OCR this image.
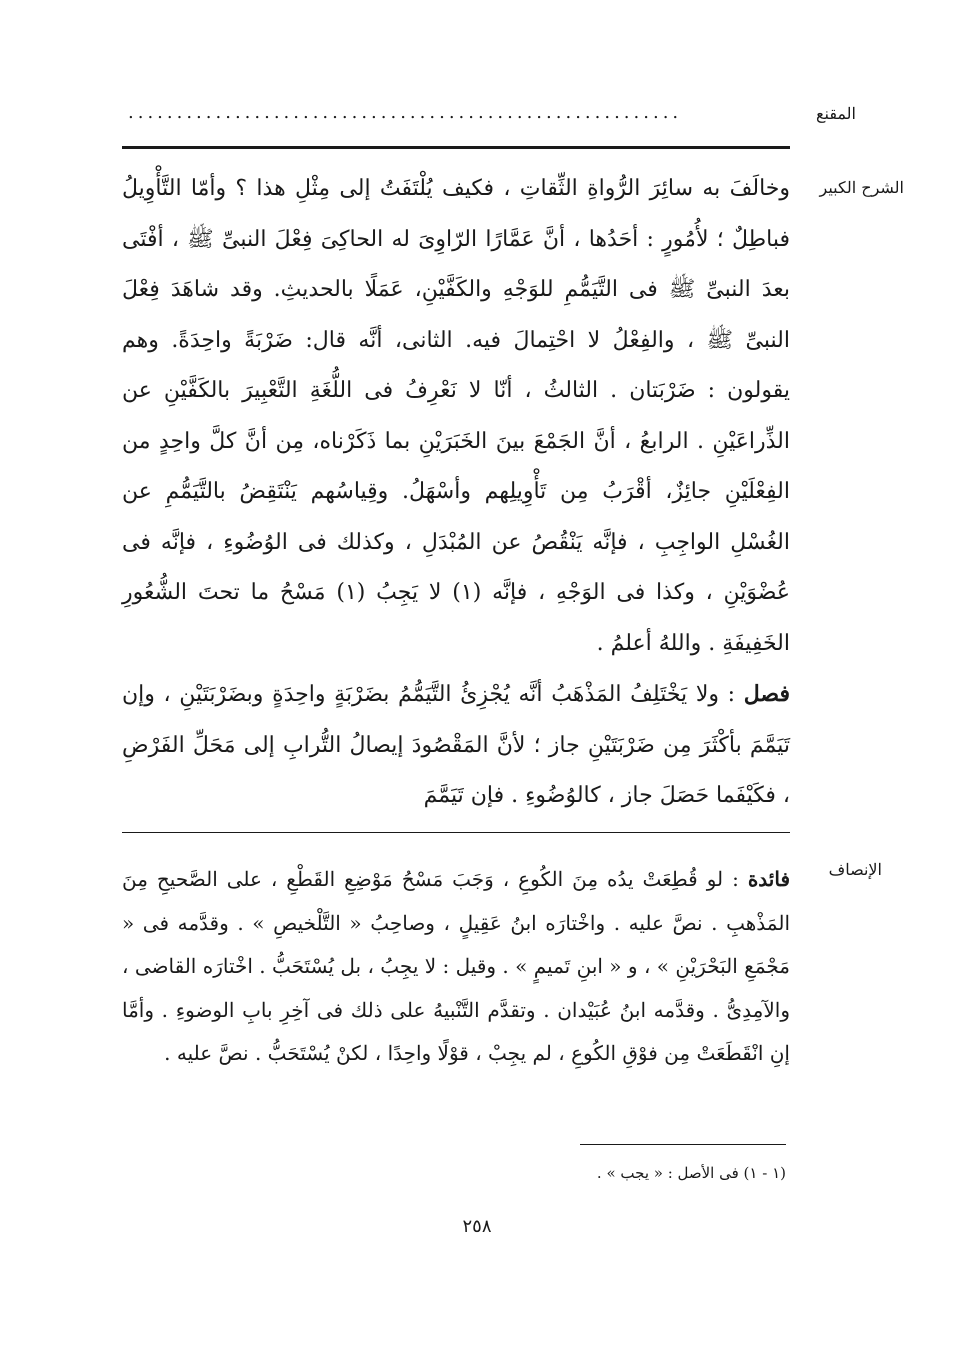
المقنع
.........................................................
الشرح الكبير

وخالَفَ به سائِرَ الرُّواةِ الثِّقاتِ ، فكيف يُلْتَفَتُ إلى مِثْلِ هذا ؟ وأمّا التَّأْوِيلُ فباطِلٌ ؛ لأُمُورٍ : أحَدُها ، أنَّ عَمَّارًا الرّاوِىَ له الحاكِىَ فِعْلَ النبىِّ ﷺ ، أفْتَى بعدَ النبىِّ ﷺ فى التَّيَمُّمِ للوَجْهِ والكَفَّيْنِ، عَمَلًا بالحديثِ. وقد شاهَدَ فِعْلَ النبىِّ ﷺ ، والفِعْلُ لا احْتِمالَ فيه. الثانى، أنَّه قال: ضَرْبَةً واحِدَةً. وهم يقولون : ضَرْبَتان . الثالثُ ، أنّا لا نَعْرِفُ فى اللُّغَةِ التَّعْبِيرَ بالكَفَّيْنِ عن الذِّراعَيْنِ . الرابعُ ، أنَّ الجَمْعَ بينَ الخَبَرَيْنِ بما ذَكَرْناه، مِن أنَّ كلَّ واحِدٍ من الفِعْلَيْنِ جائِزٌ، أقْرَبُ مِن تَأْوِيلِهم وأسْهَلُ. وقِياسُهم يَنْتَقِضُ بالتَّيَمُّمِ عن الغُسْلِ الواجِبِ ، فإنَّه يَنْقُصُ عن المُبْدَلِ ، وكذلك فى الوُضُوءِ ، فإنَّه فى عُضْوَيْنِ ، وكذا فى الوَجْهِ ، فإنَّه (١) لا يَجِبُ (١) مَسْحُ ما تحتَ الشُّعُورِ الخَفِيفَةِ . واللهُ أعلمُ .

فصل : ولا يَخْتَلِفُ المَذْهَبُ أنَّه يُجْزِئُ التَّيَمُّمُ بضَرْبَةٍ واحِدَةٍ وبضَرْبَتَيْنِ ، وإن تَيَمَّمَ بأكْثَرَ مِن ضَرْبَتَيْنِ جاز ؛ لأنَّ المَقْصُودَ إيصالُ التُّرابِ إلى مَحَلِّ الفَرْضِ ، فكَيْفَما حَصَلَ جاز ، كالوُضُوءِ . فإن تَيَمَّمَ

الإنصاف

فائدة : لو قُطِعَتْ يدُه مِنَ الكُوعِ ، وَجَبَ مَسْحُ مَوْضِعِ القَطْعِ ، على الصَّحيحِ مِنَ المَذْهبِ . نصَّ عليه . واخْتارَه ابنُ عَقِيلٍ ، وصاحِبُ « التَّلْخيصِ » . وقدَّمه فى « مَجْمَعِ البَحْرَيْنِ » ، و « ابنِ تَميمٍ » . وقيل : لا يجِبُ ، بل يُسْتَحَبُّ . اخْتارَه القاضى ، والآمِدِىُّ . وقدَّمه ابنُ عُبَيْدان . وتقدَّم التَّنْبيهُ على ذلك فى آخِرِ بابِ الوضوءِ . وأمَّا إنِ انْقَطَعَتْ مِن فوْقِ الكُوعِ ، لم يجِبْ ، قوْلًا واحِدًا ، لكنْ يُسْتَحَبُّ . نصَّ عليه .

(١ - ١) فى الأصل : « يجب » .
٢٥٨
